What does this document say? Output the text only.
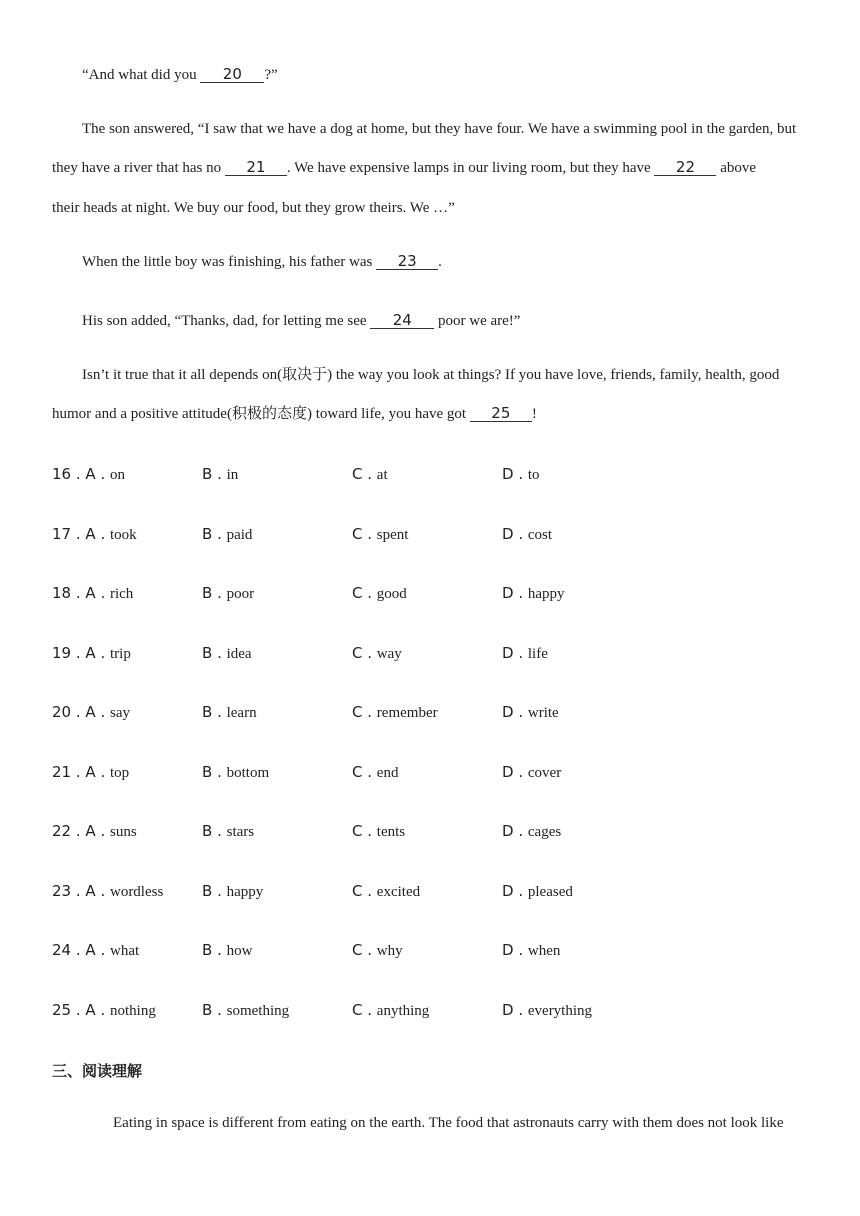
“And what did you 20 ?”
The son answered, “I saw that we have a dog at home, but they have four. We have a swimming pool in the garden, but
they have a river that has no 21 . We have expensive lamps in our living room, but they have 22 above
their heads at night. We buy our food, but they grow theirs. We …”
When the little boy was finishing, his father was 23 .
His son added, “Thanks, dad, for letting me see 24 poor we are!”
Isn’t it true that it all depends on(取决于) the way you look at things? If you have love, friends, family, health, good
humor and a positive attitude(积极的态度) toward life, you have got 25 !
16 . A . on	B . in	C . at	D . to
17 . A . took	B . paid	C . spent	D . cost
18 . A . rich	B . poor	C . good	D . happy
19 . A . trip	B . idea	C . way	D . life
20 . A . say	B . learn	C . remember	D . write
21 . A . top	B . bottom	C . end	D . cover
22 . A . suns	B . stars	C . tents	D . cages
23 . A . wordless	B . happy	C . excited	D . pleased
24 . A . what	B . how	C . why	D . when
25 . A . nothing	B . something	C . anything	D . everything
三、阅读理解
Eating in space is different from eating on the earth. The food that astronauts carry with them does not look like
